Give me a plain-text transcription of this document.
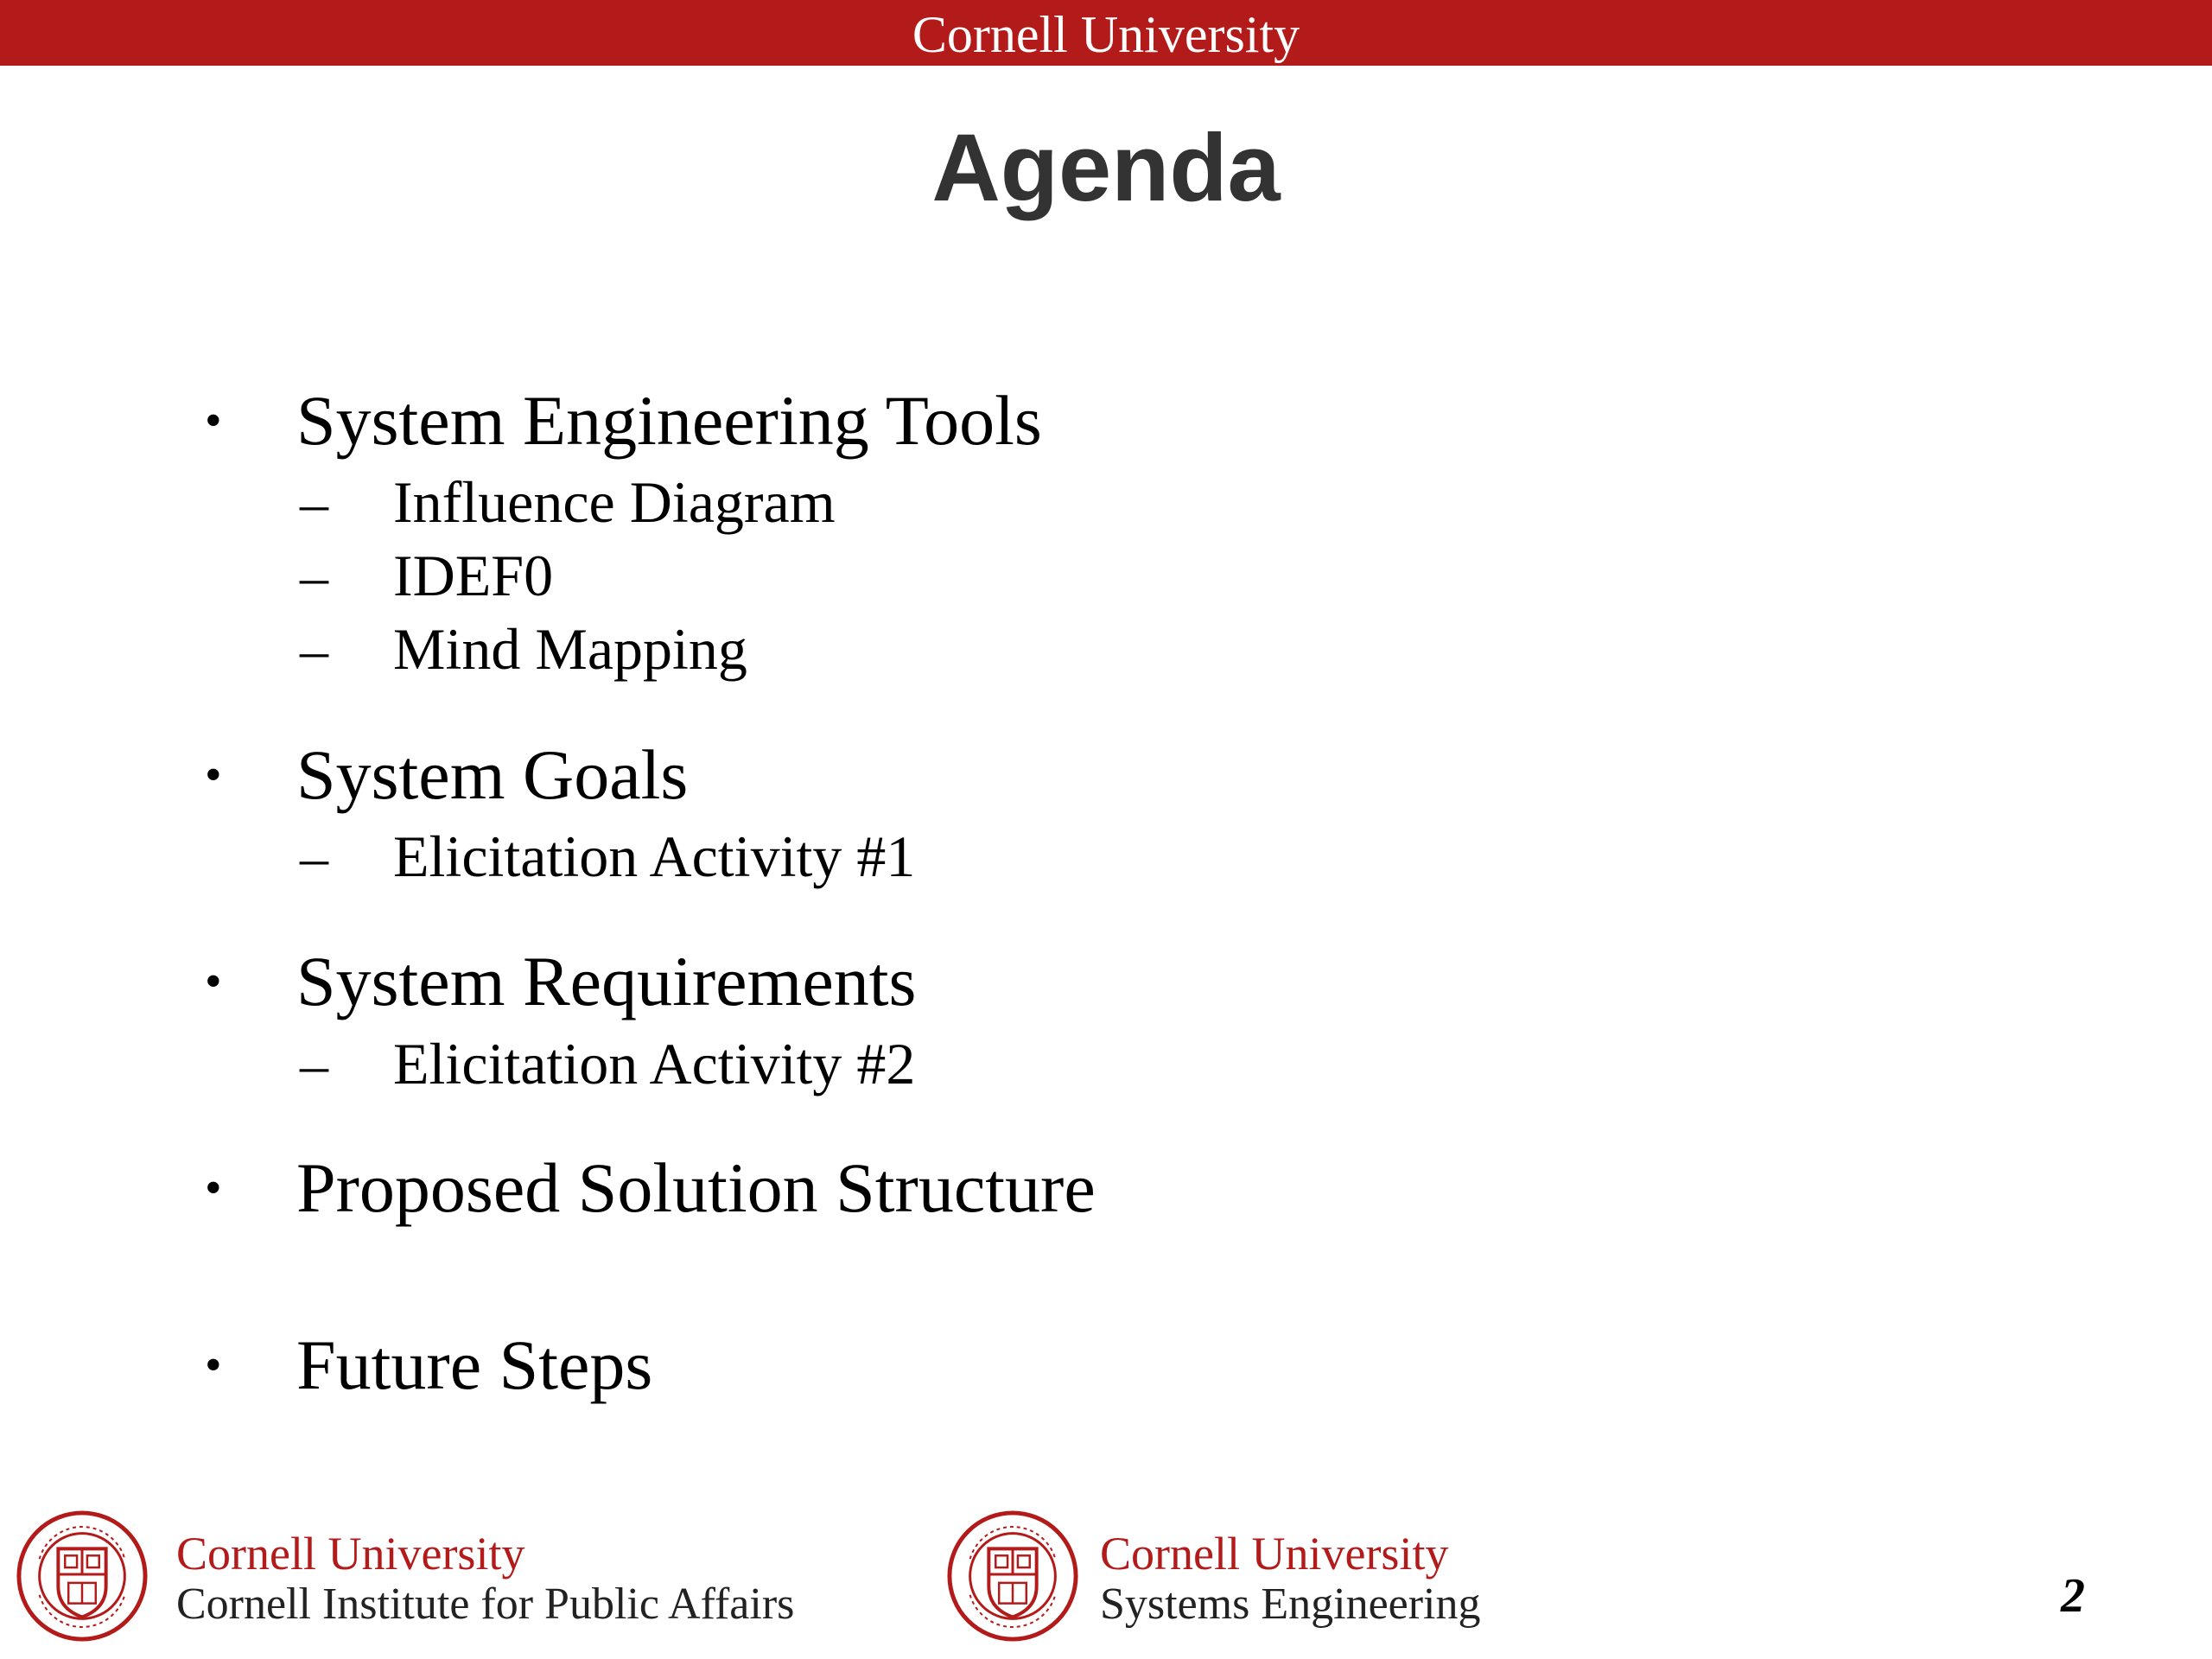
Cornell University
Agenda
• System Engineering Tools
– Influence Diagram
– IDEF0
– Mind Mapping
• System Goals
– Elicitation Activity #1
• System Requirements
– Elicitation Activity #2
• Proposed Solution Structure
• Future Steps
Cornell University
Cornell Institute for Public Affairs
Cornell University
Systems Engineering	2
